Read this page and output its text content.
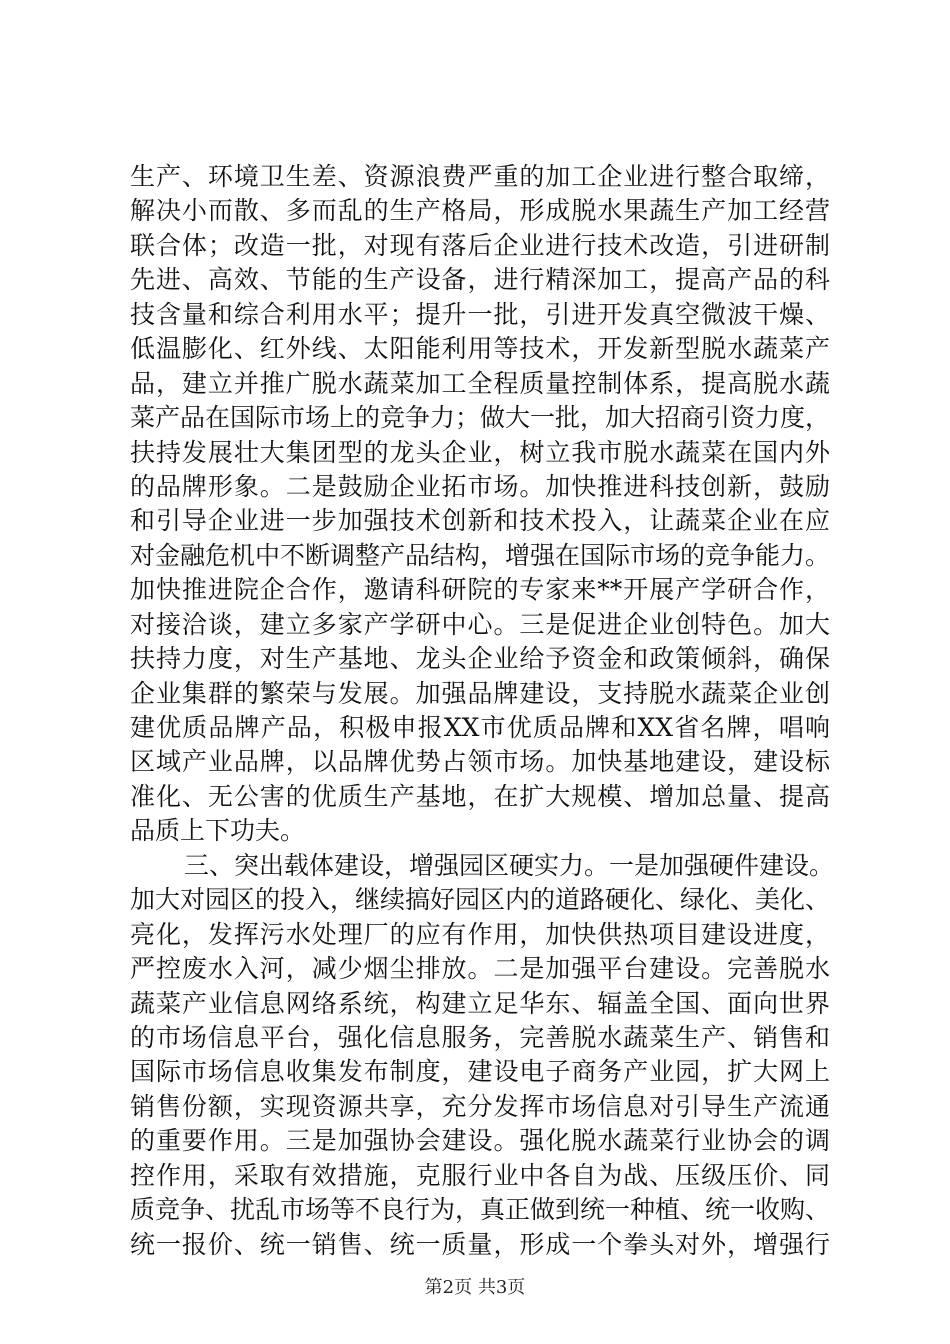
生产、环境卫生差、资源浪费严重的加工企业进行整合取缔，
解决小而散、多而乱的生产格局，形成脱水果蔬生产加工经营
联合体；改造一批，对现有落后企业进行技术改造，引进研制
先进、高效、节能的生产设备，进行精深加工，提高产品的科
技含量和综合利用水平；提升一批，引进开发真空微波干燥、
低温膨化、红外线、太阳能利用等技术，开发新型脱水蔬菜产
品，建立并推广脱水蔬菜加工全程质量控制体系，提高脱水蔬
菜产品在国际市场上的竞争力；做大一批，加大招商引资力度，
扶持发展壮大集团型的龙头企业，树立我市脱水蔬菜在国内外
的品牌形象。二是鼓励企业拓市场。加快推进科技创新，鼓励
和引导企业进一步加强技术创新和技术投入，让蔬菜企业在应
对金融危机中不断调整产品结构，增强在国际市场的竞争能力。
加快推进院企合作，邀请科研院的专家来**开展产学研合作，
对接洽谈，建立多家产学研中心。三是促进企业创特色。加大
扶持力度，对生产基地、龙头企业给予资金和政策倾斜，确保
企业集群的繁荣与发展。加强品牌建设，支持脱水蔬菜企业创
建优质品牌产品，积极申报XX市优质品牌和XX省名牌，唱响
区域产业品牌，以品牌优势占领市场。加快基地建设，建设标
准化、无公害的优质生产基地，在扩大规模、增加总量、提高
品质上下功夫。
三、突出载体建设，增强园区硬实力。一是加强硬件建设。
加大对园区的投入，继续搞好园区内的道路硬化、绿化、美化、
亮化，发挥污水处理厂的应有作用，加快供热项目建设进度，
严控废水入河，减少烟尘排放。二是加强平台建设。完善脱水
蔬菜产业信息网络系统，构建立足华东、辐盖全国、面向世界
的市场信息平台，强化信息服务，完善脱水蔬菜生产、销售和
国际市场信息收集发布制度，建设电子商务产业园，扩大网上
销售份额，实现资源共享，充分发挥市场信息对引导生产流通
的重要作用。三是加强协会建设。强化脱水蔬菜行业协会的调
控作用，采取有效措施，克服行业中各自为战、压级压价、同
质竞争、扰乱市场等不良行为，真正做到统一种植、统一收购、
统一报价、统一销售、统一质量，形成一个拳头对外，增强行
第2页 共3页
